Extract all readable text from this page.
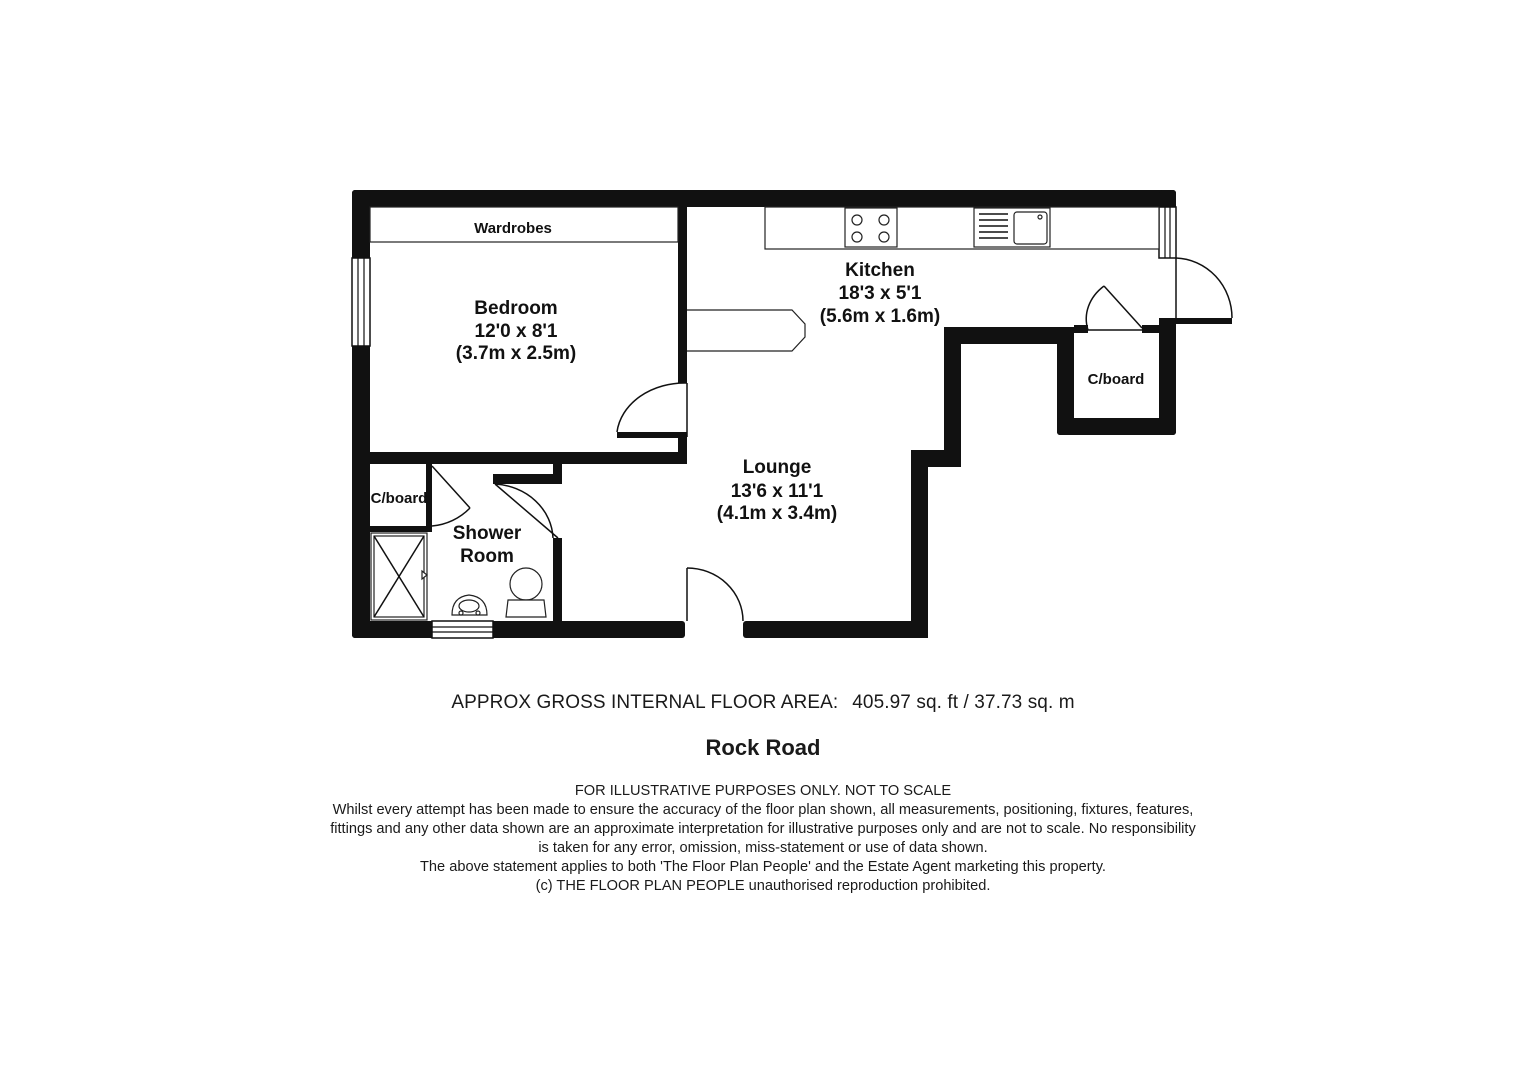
Wardrobes
Bedroom
12'0 x 8'1
(3.7m x 2.5m)
Kitchen
18'3 x 5'1
(5.6m x 1.6m)
Lounge
13'6 x 11'1
(4.1m x 3.4m)
Shower
Room
C/board
C/board
APPROX GROSS INTERNAL FLOOR AREA: 405.97 sq. ft / 37.73 sq. m
Rock Road
FOR ILLUSTRATIVE PURPOSES ONLY. NOT TO SCALE
Whilst every attempt has been made to ensure the accuracy of the floor plan shown, all measurements, positioning, fixtures, features,
fittings and any other data shown are an approximate interpretation for illustrative purposes only and are not to scale. No responsibility
is taken for any error, omission, miss-statement or use of data shown.
The above statement applies to both 'The Floor Plan People' and the Estate Agent marketing this property.
(c) THE FLOOR PLAN PEOPLE unauthorised reproduction prohibited.
